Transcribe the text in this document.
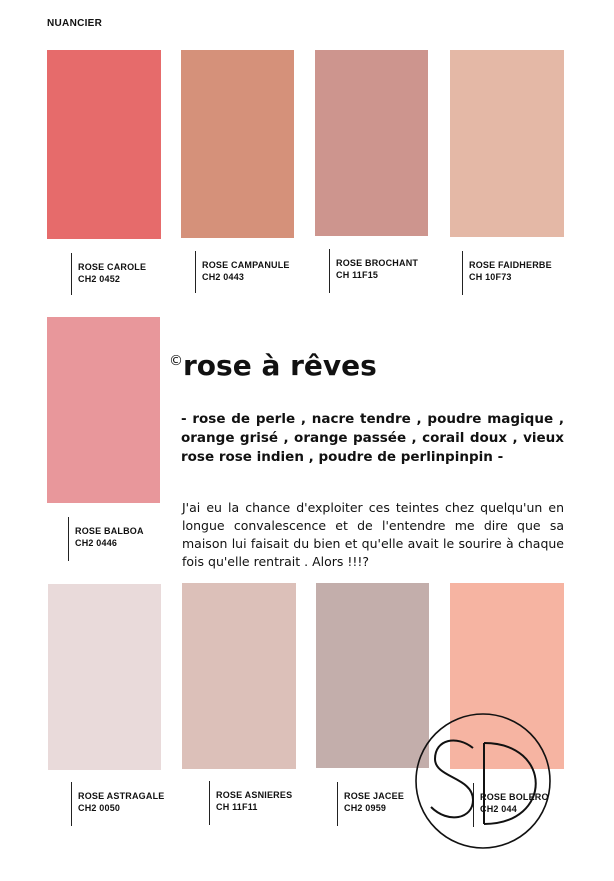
NUANCIER
ROSE CAROLE
CH2 0452
ROSE CAMPANULE
CH2 0443
ROSE BROCHANT
CH 11F15
ROSE FAIDHERBE
CH 10F73
ROSE BALBOA
CH2 0446
©rose à rêves
- rose de perle , nacre tendre , poudre magique , orange grisé , orange passée , corail doux , vieux rose rose indien , poudre de perlinpinpin -
J'ai eu la chance d'exploiter ces teintes chez quelqu'un en longue convalescence et de l'entendre me dire que sa maison lui faisait du bien et qu'elle avait le sourire à chaque fois qu'elle rentrait . Alors !!!?
ROSE ASTRAGALE
CH2 0050
ROSE ASNIERES
CH 11F11
ROSE JACEE
CH2 0959
ROSE BOLERO
CH2 044
